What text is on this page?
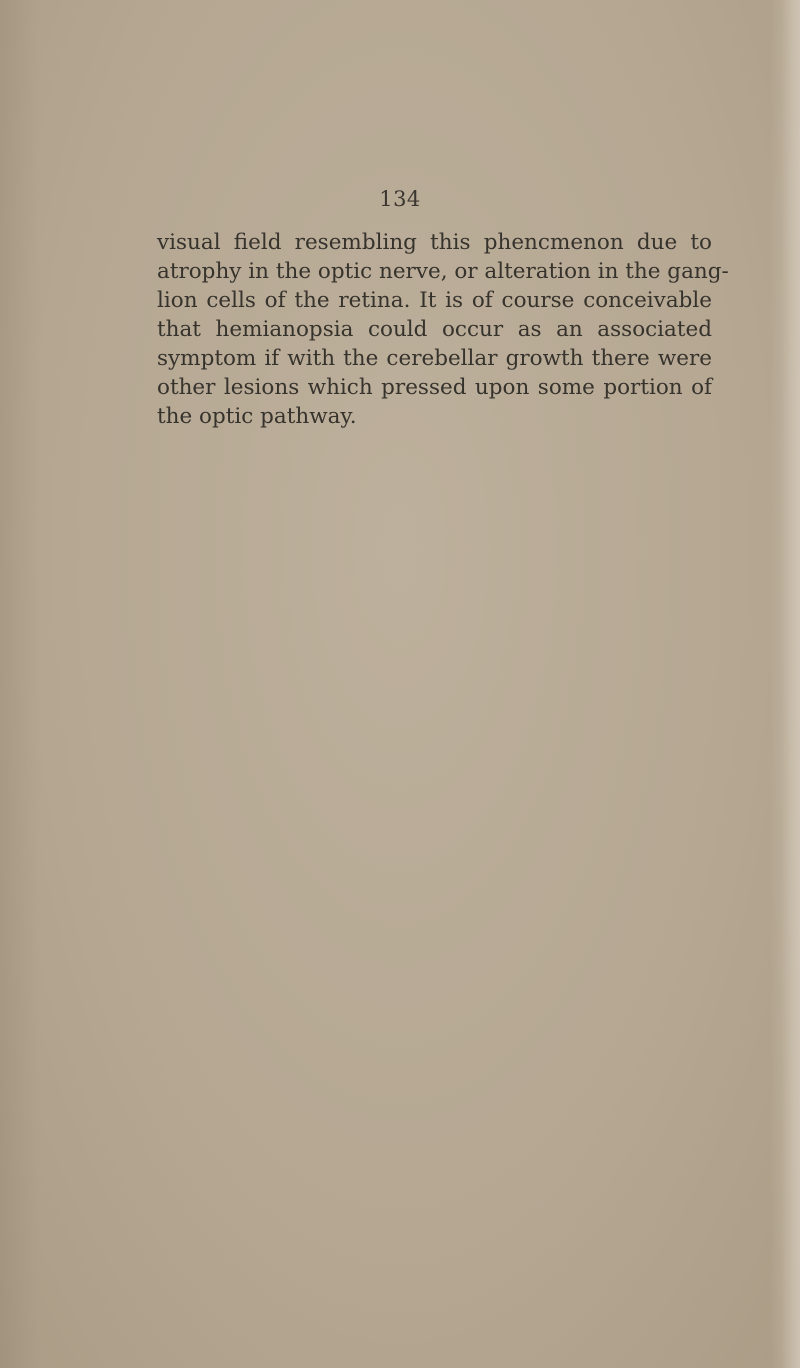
134
visual field resembling this phencmenon due to
atrophy in the optic nerve, or alteration in the gang-
lion cells of the retina. It is of course conceivable
that hemianopsia could occur as an associated
symptom if with the cerebellar growth there were
other lesions which pressed upon some portion of
the optic pathway.
